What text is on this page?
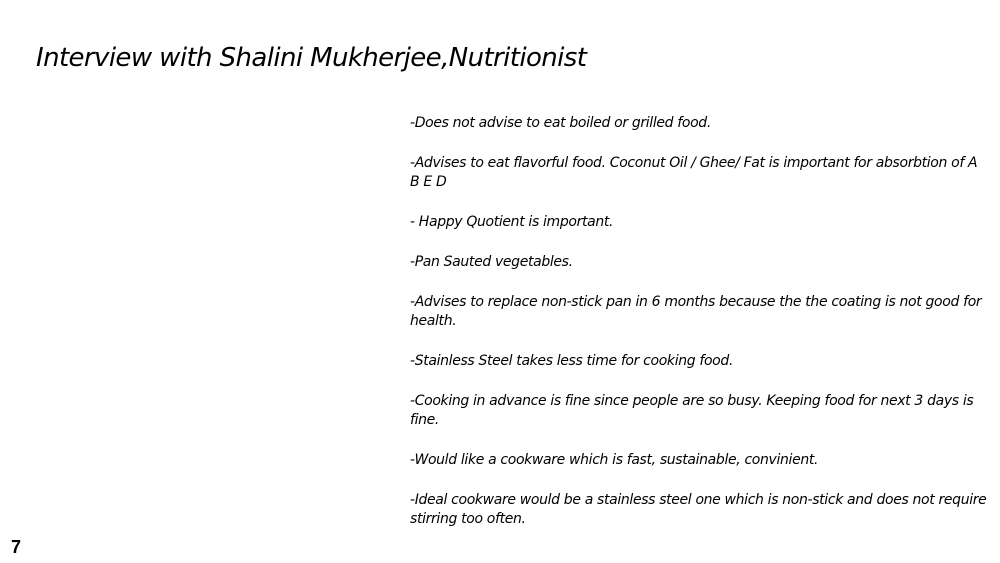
Interview with Shalini Mukherjee,Nutritionist
-Does not advise to eat boiled or grilled food.
-Advises to eat flavorful food. Coconut Oil / Ghee/ Fat is important for absorbtion of A B E D
- Happy Quotient is important.
-Pan Sauted vegetables.
-Advises to replace non-stick pan in 6 months because the the coating is not good for health.
-Stainless Steel takes less time for cooking food.
-Cooking in advance is fine since people are so busy. Keeping food for next 3 days is fine.
-Would like a cookware which is fast, sustainable, convinient.
-Ideal cookware would be a stainless steel one which is non-stick and does not require stirring too often.
7
